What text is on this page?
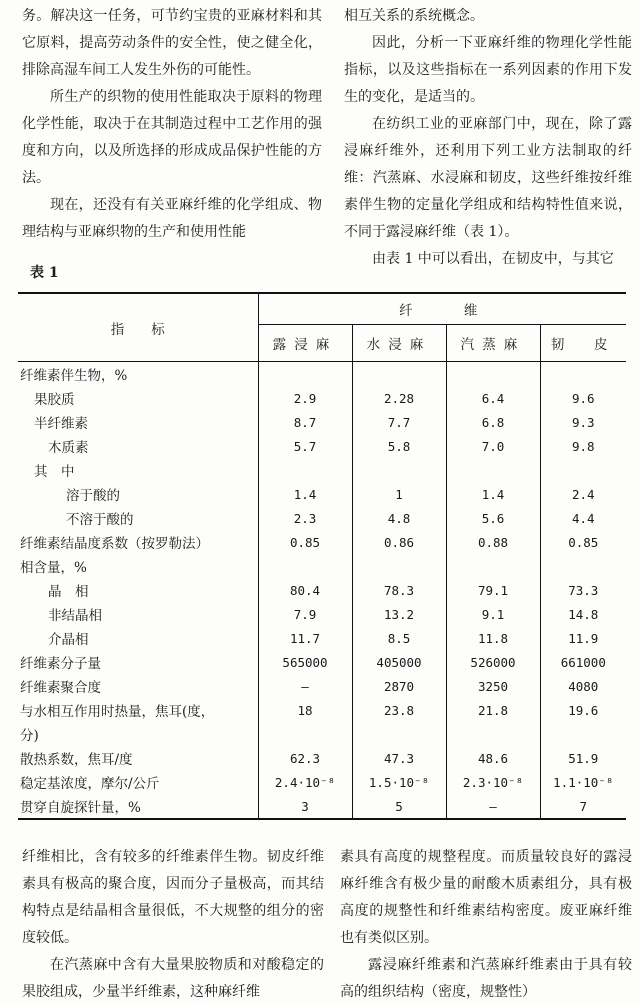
务。解决这一任务，可节约宝贵的亚麻材料和其它原料，提高劳动条件的安全性，使之健全化，排除高湿车间工人发生外伤的可能性。

所生产的织物的使用性能取决于原料的物理化学性能，取决于在其制造过程中工艺作用的强度和方向，以及所选择的形成成品保护性能的方法。

现在，还没有有关亚麻纤维的化学组成、物理结构与亚麻织物的生产和使用性能

相互关系的系统概念。

因此，分析一下亚麻纤维的物理化学性能指标，以及这些指标在一系列因素的作用下发生的变化，是适当的。

在纺织工业的亚麻部门中，现在，除了露浸麻纤维外，还利用下列工业方法制取的纤维：汽蒸麻、水浸麻和韧皮，这些纤维按纤维素伴生物的定量化学组成和结构特性值来说，不同于露浸麻纤维（表 1）。

由表 1 中可以看出，在韧皮中，与其它

表 1
指　　标	纤　　维			
	露浸麻	水浸麻	汽蒸麻	韧　皮
纤维素伴生物，%				
果胶质	2.9	2.28	6.4	9.6
半纤维素	8.7	7.7	6.8	9.3
木质素	5.7	5.8	7.0	9.8
其　中				
溶于酸的	1.4	1	1.4	2.4
不溶于酸的	2.3	4.8	5.6	4.4
纤维素结晶度系数（按罗勒法）	0.85	0.86	0.88	0.85
相含量，%				
晶　相	80.4	78.3	79.1	73.3
非结晶相	7.9	13.2	9.1	14.8
介晶相	11.7	8.5	11.8	11.9
纤维素分子量	565000	405000	526000	661000
纤维素聚合度	—	2870	3250	4080
与水相互作用时热量，焦耳(度，	18	23.8	21.8	19.6
分)				
散热系数，焦耳/度	62.3	47.3	48.6	51.9
稳定基浓度，摩尔/公斤	2.4·10⁻⁸	1.5·10⁻⁸	2.3·10⁻⁸	1.1·10⁻⁸
贯穿自旋探针量，%	3	5	—	7

纤维相比，含有较多的纤维素伴生物。韧皮纤维素具有极高的聚合度，因而分子量极高，而其结构特点是结晶相含量很低，不大规整的组分的密度较低。

在汽蒸麻中含有大量果胶物质和对酸稳定的果胶组成，少量半纤维素，这种麻纤维

素具有高度的规整程度。而质量较良好的露浸麻纤维含有极少量的耐酸木质素组分，具有极高度的规整性和纤维素结构密度。废亚麻纤维也有类似区别。

露浸麻纤维素和汽蒸麻纤维素由于具有较高的组织结构（密度，规整性）
